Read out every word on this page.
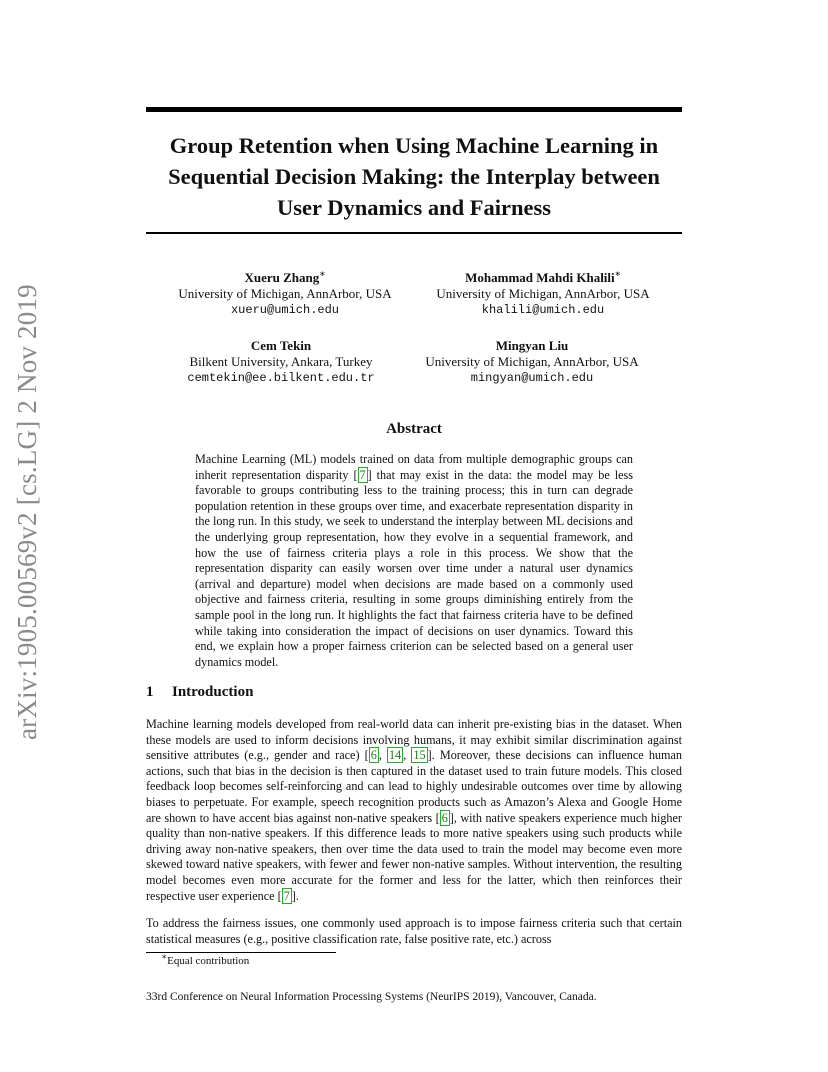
arXiv:1905.00569v2 [cs.LG] 2 Nov 2019
Group Retention when Using Machine Learning in Sequential Decision Making: the Interplay between User Dynamics and Fairness
Xueru Zhang∗
University of Michigan, AnnArbor, USA
xueru@umich.edu
Mohammad Mahdi Khalili∗
University of Michigan, AnnArbor, USA
khalili@umich.edu
Cem Tekin
Bilkent University, Ankara, Turkey
cemtekin@ee.bilkent.edu.tr
Mingyan Liu
University of Michigan, AnnArbor, USA
mingyan@umich.edu
Abstract
Machine Learning (ML) models trained on data from multiple demographic groups can inherit representation disparity [ 7 ] that may exist in the data: the model may be less favorable to groups contributing less to the training process; this in turn can degrade population retention in these groups over time, and exacerbate representation disparity in the long run. In this study, we seek to understand the interplay between ML decisions and the underlying group representation, how they evolve in a sequential framework, and how the use of fairness criteria plays a role in this process. We show that the representation disparity can easily worsen over time under a natural user dynamics (arrival and departure) model when decisions are made based on a commonly used objective and fairness criteria, resulting in some groups diminishing entirely from the sample pool in the long run. It highlights the fact that fairness criteria have to be defined while taking into consideration the impact of decisions on user dynamics. Toward this end, we explain how a proper fairness criterion can be selected based on a general user dynamics model.
1 Introduction
Machine learning models developed from real-world data can inherit pre-existing bias in the dataset. When these models are used to inform decisions involving humans, it may exhibit similar discrimination against sensitive attributes (e.g., gender and race) [ 6 , 14 , 15 ]. Moreover, these decisions can influence human actions, such that bias in the decision is then captured in the dataset used to train future models. This closed feedback loop becomes self-reinforcing and can lead to highly undesirable outcomes over time by allowing biases to perpetuate. For example, speech recognition products such as Amazon’s Alexa and Google Home are shown to have accent bias against non-native speakers [ 6 ], with native speakers experience much higher quality than non-native speakers. If this difference leads to more native speakers using such products while driving away non-native speakers, then over time the data used to train the model may become even more skewed toward native speakers, with fewer and fewer non-native samples. Without intervention, the resulting model becomes even more accurate for the former and less for the latter, which then reinforces their respective user experience [ 7 ].
To address the fairness issues, one commonly used approach is to impose fairness criteria such that certain statistical measures (e.g., positive classification rate, false positive rate, etc.) across
∗Equal contribution
33rd Conference on Neural Information Processing Systems (NeurIPS 2019), Vancouver, Canada.
